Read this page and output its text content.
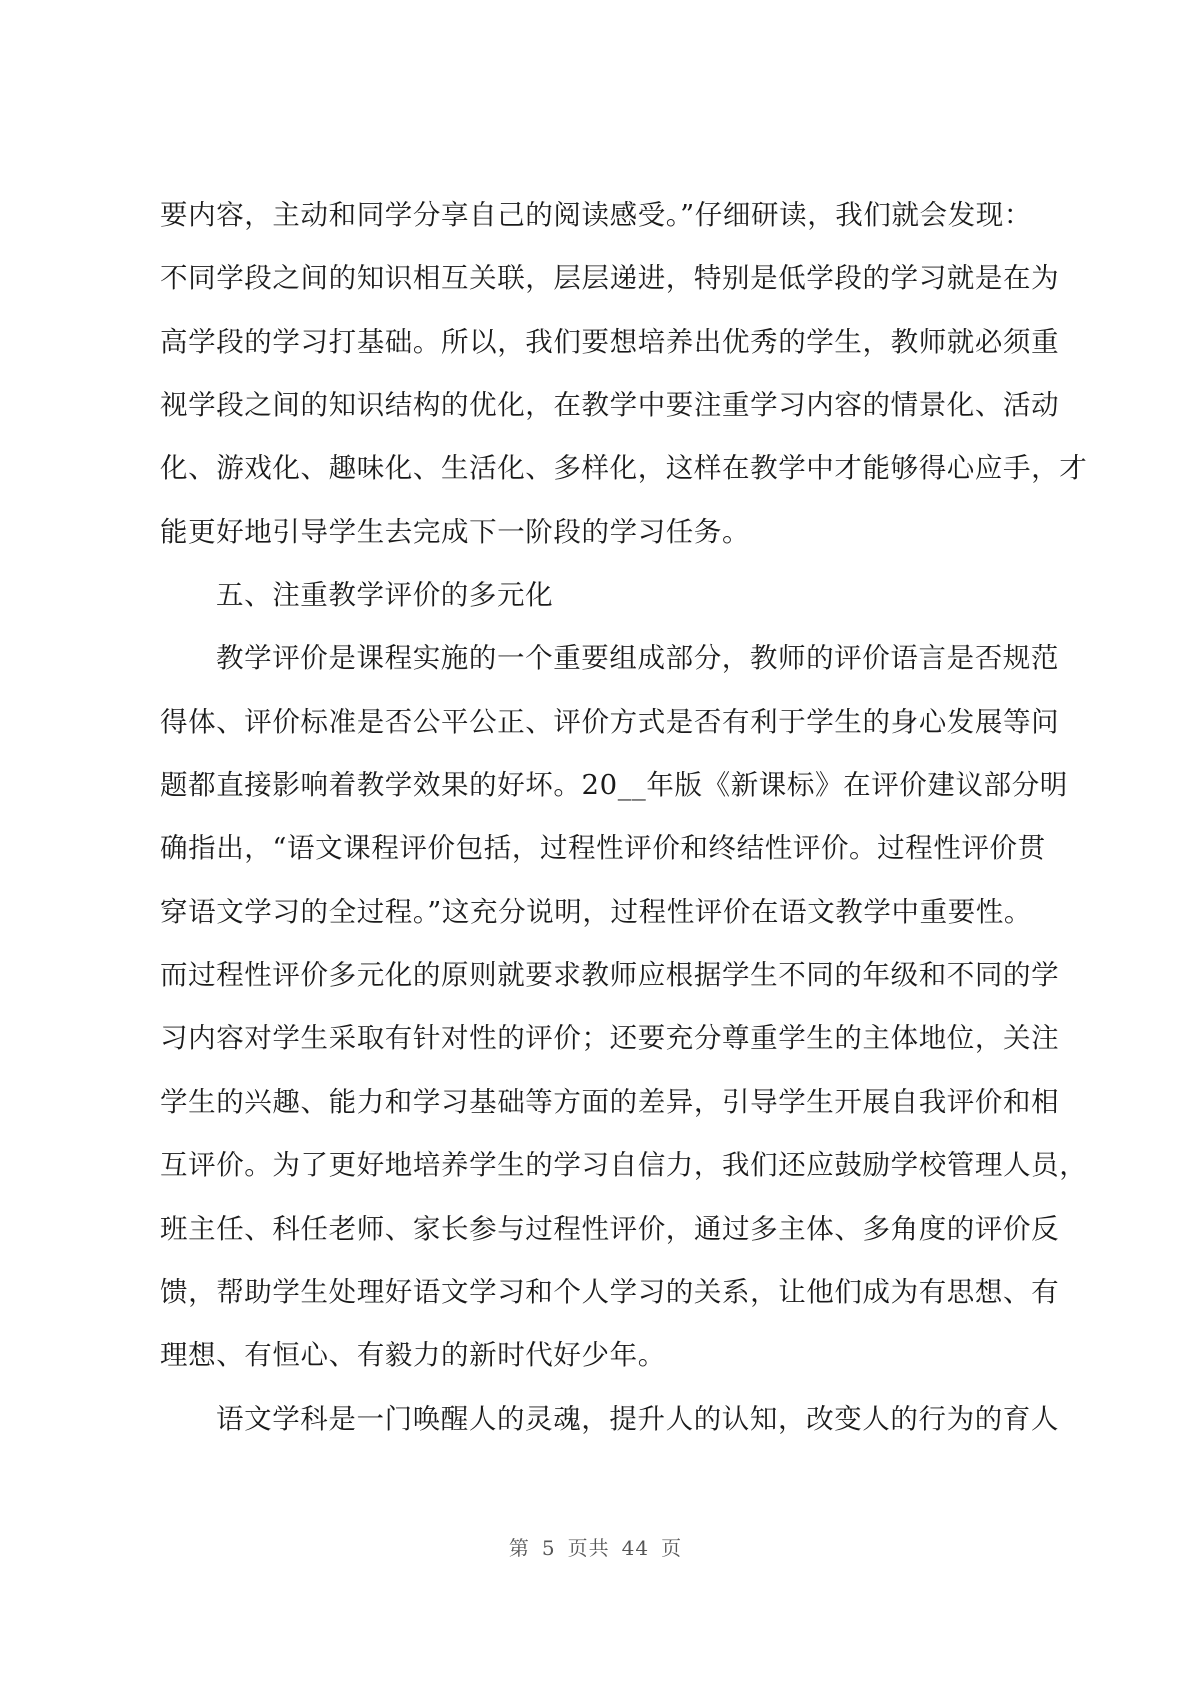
要内容，主动和同学分享自己的阅读感受。”仔细研读，我们就会发现：

不同学段之间的知识相互关联，层层递进，特别是低学段的学习就是在为

高学段的学习打基础。所以，我们要想培养出优秀的学生，教师就必须重

视学段之间的知识结构的优化，在教学中要注重学习内容的情景化、活动

化、游戏化、趣味化、生活化、多样化，这样在教学中才能够得心应手，才

能更好地引导学生去完成下一阶段的学习任务。

五、注重教学评价的多元化

教学评价是课程实施的一个重要组成部分，教师的评价语言是否规范

得体、评价标准是否公平公正、评价方式是否有利于学生的身心发展等问

题都直接影响着教学效果的好坏。20__年版《新课标》在评价建议部分明

确指出，“语文课程评价包括，过程性评价和终结性评价。过程性评价贯

穿语文学习的全过程。”这充分说明，过程性评价在语文教学中重要性。

而过程性评价多元化的原则就要求教师应根据学生不同的年级和不同的学

习内容对学生采取有针对性的评价；还要充分尊重学生的主体地位，关注

学生的兴趣、能力和学习基础等方面的差异，引导学生开展自我评价和相

互评价。为了更好地培养学生的学习自信力，我们还应鼓励学校管理人员，

班主任、科任老师、家长参与过程性评价，通过多主体、多角度的评价反

馈，帮助学生处理好语文学习和个人学习的关系，让他们成为有思想、有

理想、有恒心、有毅力的新时代好少年。

语文学科是一门唤醒人的灵魂，提升人的认知，改变人的行为的育人

第 5 页共 44 页
